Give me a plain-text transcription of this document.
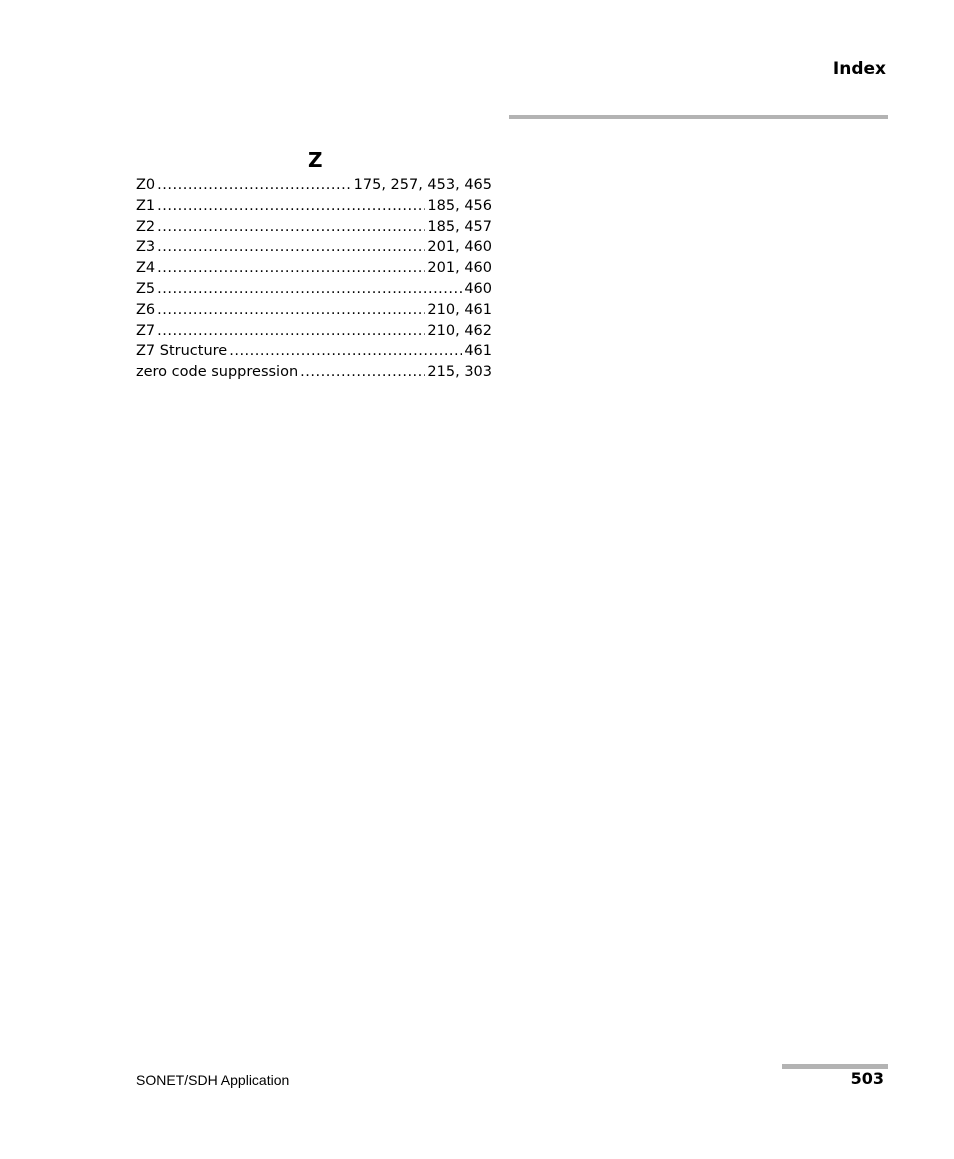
Index
Z
Z0 .....	175, 257, 453, 465
Z1 .....	185, 456
Z2 .....	185, 457
Z3 .....	201, 460
Z4 .....	201, 460
Z5 .....	460
Z6 .....	210, 461
Z7 .....	210, 462
Z7 Structure .....	461
zero code suppression .....	215, 303
SONET/SDH Application	503
